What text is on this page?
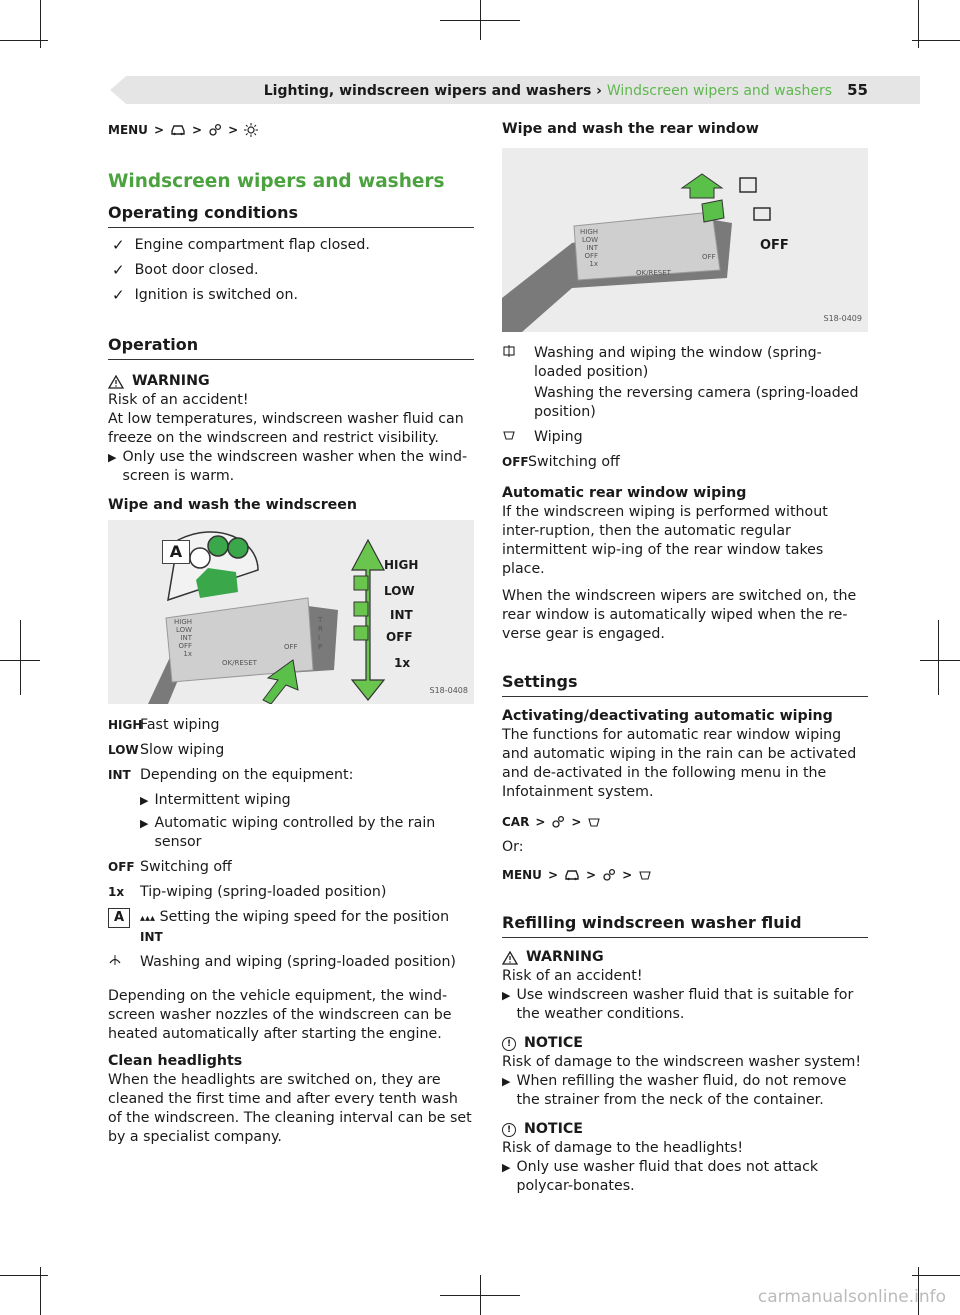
Lighting, windscreen wipers and washers › Windscreen wipers and washers 55
MENU > > >
Windscreen wipers and washers
Operating conditions
✓ Engine compartment flap closed.
✓ Boot door closed.
✓ Ignition is switched on.
Operation
WARNING

Risk of an accident!

At low temperatures, windscreen washer fluid can freeze on the windscreen and restrict visibility.

▶ Only use the windscreen washer when the wind-screen is warm.

Wipe and wash the windscreen

A
HIGH
LOW
INT
OFF
1x
HIGH
LOW
INT
OFF
1x
OFF
T
R
I
P
OK/RESET
S18-0408
HIGH
Fast wiping
LOW Slow wiping
INT Depending on the equipment:
▶ Intermittent wiping
▶ Automatic wiping controlled by the rain sensor
OFF Switching off
1x	Tip-wiping (spring-loaded position)
A	▴▴▴ Setting the wiping speed for the position INT
Washing and wiping (spring-loaded position)

Depending on the vehicle equipment, the wind-screen washer nozzles of the windscreen can be heated automatically after starting the engine.

Clean headlights

When the headlights are switched on, they are cleaned the first time and after every tenth wash of the windscreen. The cleaning interval can be set by a specialist company.

Wipe and wash the rear window

OFF
HIGH
LOW
INT
OFF
1x
OFF
OK/RESET
S18-0409
Washing and wiping the window (spring-loaded position)
Washing the reversing camera (spring-loaded position)
Wiping
OFF Switching off

Automatic rear window wiping

If the windscreen wiping is performed without inter-ruption, then the automatic regular intermittent wip-ing of the rear window takes place.

When the windscreen wipers are switched on, the rear window is automatically wiped when the re-verse gear is engaged.

Settings

Activating/deactivating automatic wiping

The functions for automatic rear window wiping and automatic wiping in the rain can be activated and de-activated in the following menu in the Infotainment system.

CAR > >

Or:

MENU > > >
Refilling windscreen washer fluid
WARNING

Risk of an accident!

▶ Use windscreen washer fluid that is suitable for the weather conditions.
! NOTICE

Risk of damage to the windscreen washer system!

▶ When refilling the washer fluid, do not remove the strainer from the neck of the container.
! NOTICE

Risk of damage to the headlights!

▶ Only use washer fluid that does not attack polycar-bonates.
carmanualsonline.info
